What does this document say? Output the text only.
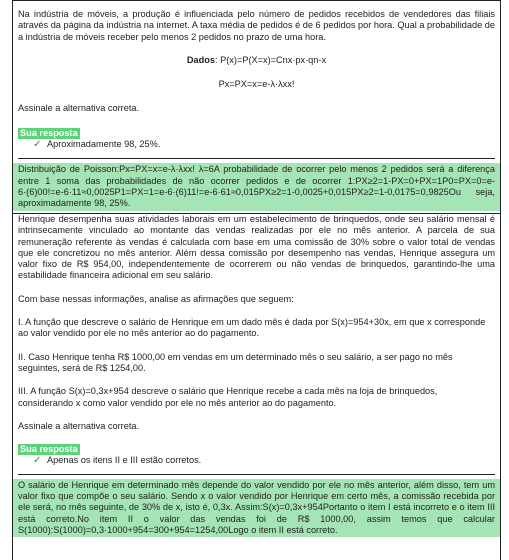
Na indústria de móveis, a produção é influenciada pelo número de pedidos recebidos de vendedores das filiais através da página da indústria na internet. A taxa média de pedidos é de 6 pedidos por hora. Qual a probabilidade de a indústria de móveis receber pelo menos 2 pedidos no prazo de uma hora.

Dados: P(x)=P(X=x)=Cnx·px·qn-x

Px=PX=x=e-λ·λxx!

Assinale a alternativa correta.

Sua resposta
✓ Aproximadamente 98, 25%.
Distribuição de Poisson:Px=PX=x=e-λ·λxx! λ=6A probabilidade de ocorrer pelo menos 2 pedidos será a diferença entre 1 soma das probabilidades de não ocorrer pedidos e de ocorrer 1:PX≥2=1-PX=0+PX=1P0=PX=0=e-6·(6)00!=e-6·11≈0,0025P1=PX=1=e-6·(6)11!=e-6·61≈0,015PX≥2=1-0,0025+0,015PX≥2=1-0,0175=0,9825Ou seja, aproximadamente 98, 25%.

Henrique desempenha suas atividades laborais em um estabelecimento de brinquedos, onde seu salário mensal é intrinsecamente vinculado ao montante das vendas realizadas por ele no mês anterior. A parcela de sua remuneração referente às vendas é calculada com base em uma comissão de 30% sobre o valor total de vendas que ele concretizou no mês anterior. Além dessa comissão por desempenho nas vendas, Henrique assegura um valor fixo de R$ 954,00, independentemente de ocorrerem ou não vendas de brinquedos, garantindo-lhe uma estabilidade financeira adicional em seu salário.

Com base nessas informações, analise as afirmações que seguem:

I. A função que descreve o salário de Henrique em um dado mês é dada por S(x)=954+30x, em que x corresponde ao valor vendido por ele no mês anterior ao do pagamento.

II. Caso Henrique tenha R$ 1000,00 em vendas em um determinado mês o seu salário, a ser pago no mês seguintes, será de R$ 1254,00.

III. A função S(x)=0,3x+954 descreve o salário que Henrique recebe a cada mês na loja de brinquedos, considerando x como valor vendido por ele no mês anterior ao do pagamento.

Assinale a alternativa correta.

Sua resposta
✓ Apenas os itens II e III estão corretos.
O salário de Henrique em determinado mês depende do valor vendido por ele no mês anterior, além disso, tem um valor fixo que compõe o seu salário. Sendo x o valor vendido por Henrique em certo mês, a comissão recebida por ele será, no mês seguinte, de 30% de x, isto é, 0,3x. Assim:S(x)=0,3x+954Portanto o item I está incorreto e o item III está correto.No item II o valor das vendas foi de R$ 1000,00, assim temos que calcular S(1000):S(1000)=0,3·1000+954=300+954=1254,00Logo o item II está correto.
